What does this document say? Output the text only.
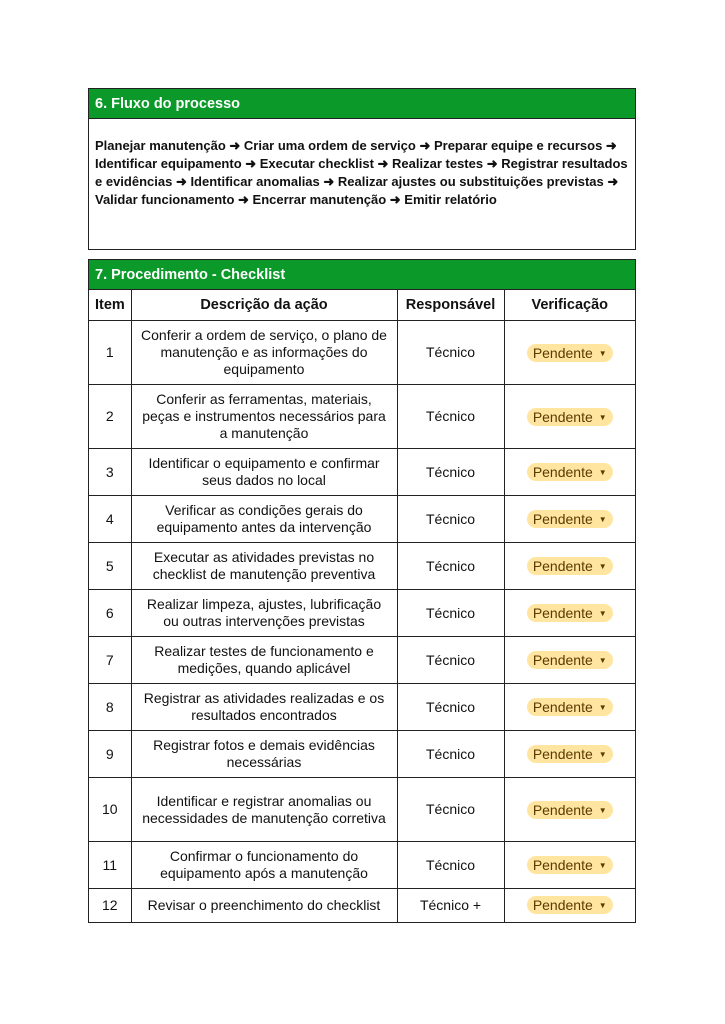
6. Fluxo do processo
Planejar manutenção ➜ Criar uma ordem de serviço ➜ Preparar equipe e recursos ➜ Identificar equipamento ➜ Executar checklist ➜ Realizar testes ➜ Registrar resultados e evidências ➜ Identificar anomalias ➜ Realizar ajustes ou substituições previstas ➜ Validar funcionamento ➜ Encerrar manutenção ➜ Emitir relatório
7. Procedimento - Checklist
Item	Descrição da ação	Responsável	Verificação
1	Conferir a ordem de serviço, o plano de manutenção e as informações do equipamento	Técnico	Pendente ▼
2	Conferir as ferramentas, materiais, peças e instrumentos necessários para a manutenção	Técnico	Pendente ▼
3	Identificar o equipamento e confirmar seus dados no local	Técnico	Pendente ▼
4	Verificar as condições gerais do equipamento antes da intervenção	Técnico	Pendente ▼
5	Executar as atividades previstas no checklist de manutenção preventiva	Técnico	Pendente ▼
6	Realizar limpeza, ajustes, lubrificação ou outras intervenções previstas	Técnico	Pendente ▼
7	Realizar testes de funcionamento e medições, quando aplicável	Técnico	Pendente ▼
8	Registrar as atividades realizadas e os resultados encontrados	Técnico	Pendente ▼
9	Registrar fotos e demais evidências necessárias	Técnico	Pendente ▼
10	Identificar e registrar anomalias ou necessidades de manutenção corretiva	Técnico	Pendente ▼
11	Confirmar o funcionamento do equipamento após a manutenção	Técnico	Pendente ▼
12	Revisar o preenchimento do checklist	Técnico +	Pendente ▼
